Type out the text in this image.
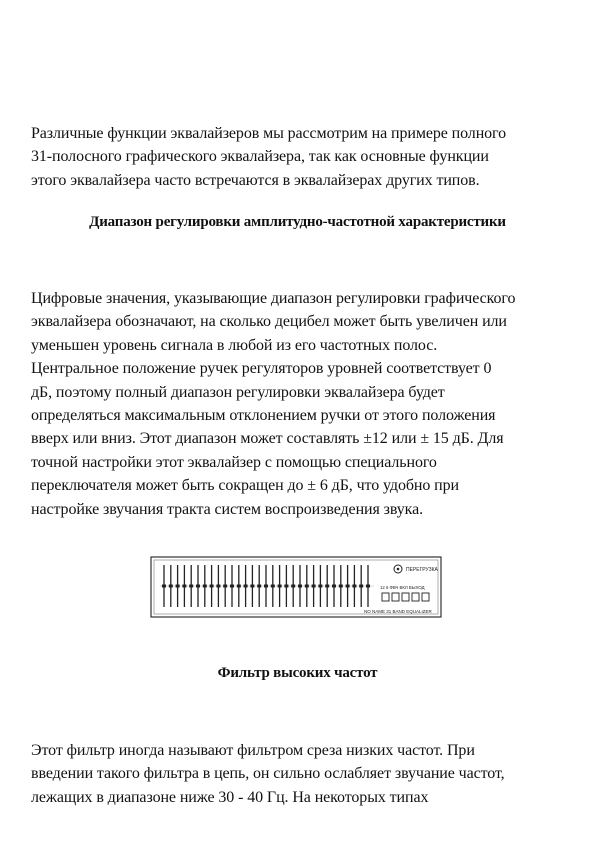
Различные функции эквалайзеров мы рассмотрим на примере полного
31-полосного графического эквалайзера, так как основные функции
этого эквалайзера часто встречаются в эквалайзерах других типов.

Диапазон регулировки амплитудно-частотной характеристики

Цифровые значения, указывающие диапазон регулировки графического
эквалайзера обозначают, на сколько децибел может быть увеличен или
уменьшен уровень сигнала в любой из его частотных полос.
Центральное положение ручек регуляторов уровней соответствует 0
дБ, поэтому полный диапазон регулировки эквалайзера будет
определяться максимальным отклонением ручки от этого положения
вверх или вниз. Этот диапазон может составлять ±12 или ± 15 дБ. Для
точной настройки этот эквалайзер с помощью специального
переключателя может быть сокращен до ± 6 дБ, что удобно при
настройке звучания тракта систем воспроизведения звука.

ПЕРЕГРУЗКА
12 6 ФВЧ ВКЛ ВЫХОД
NO NAME 31 BAND EQUALIZER
Фильтр высоких частот

Этот фильтр иногда называют фильтром среза низких частот. При
введении такого фильтра в цепь, он сильно ослабляет звучание частот,
лежащих в диапазоне ниже 30 - 40 Гц. На некоторых типах
